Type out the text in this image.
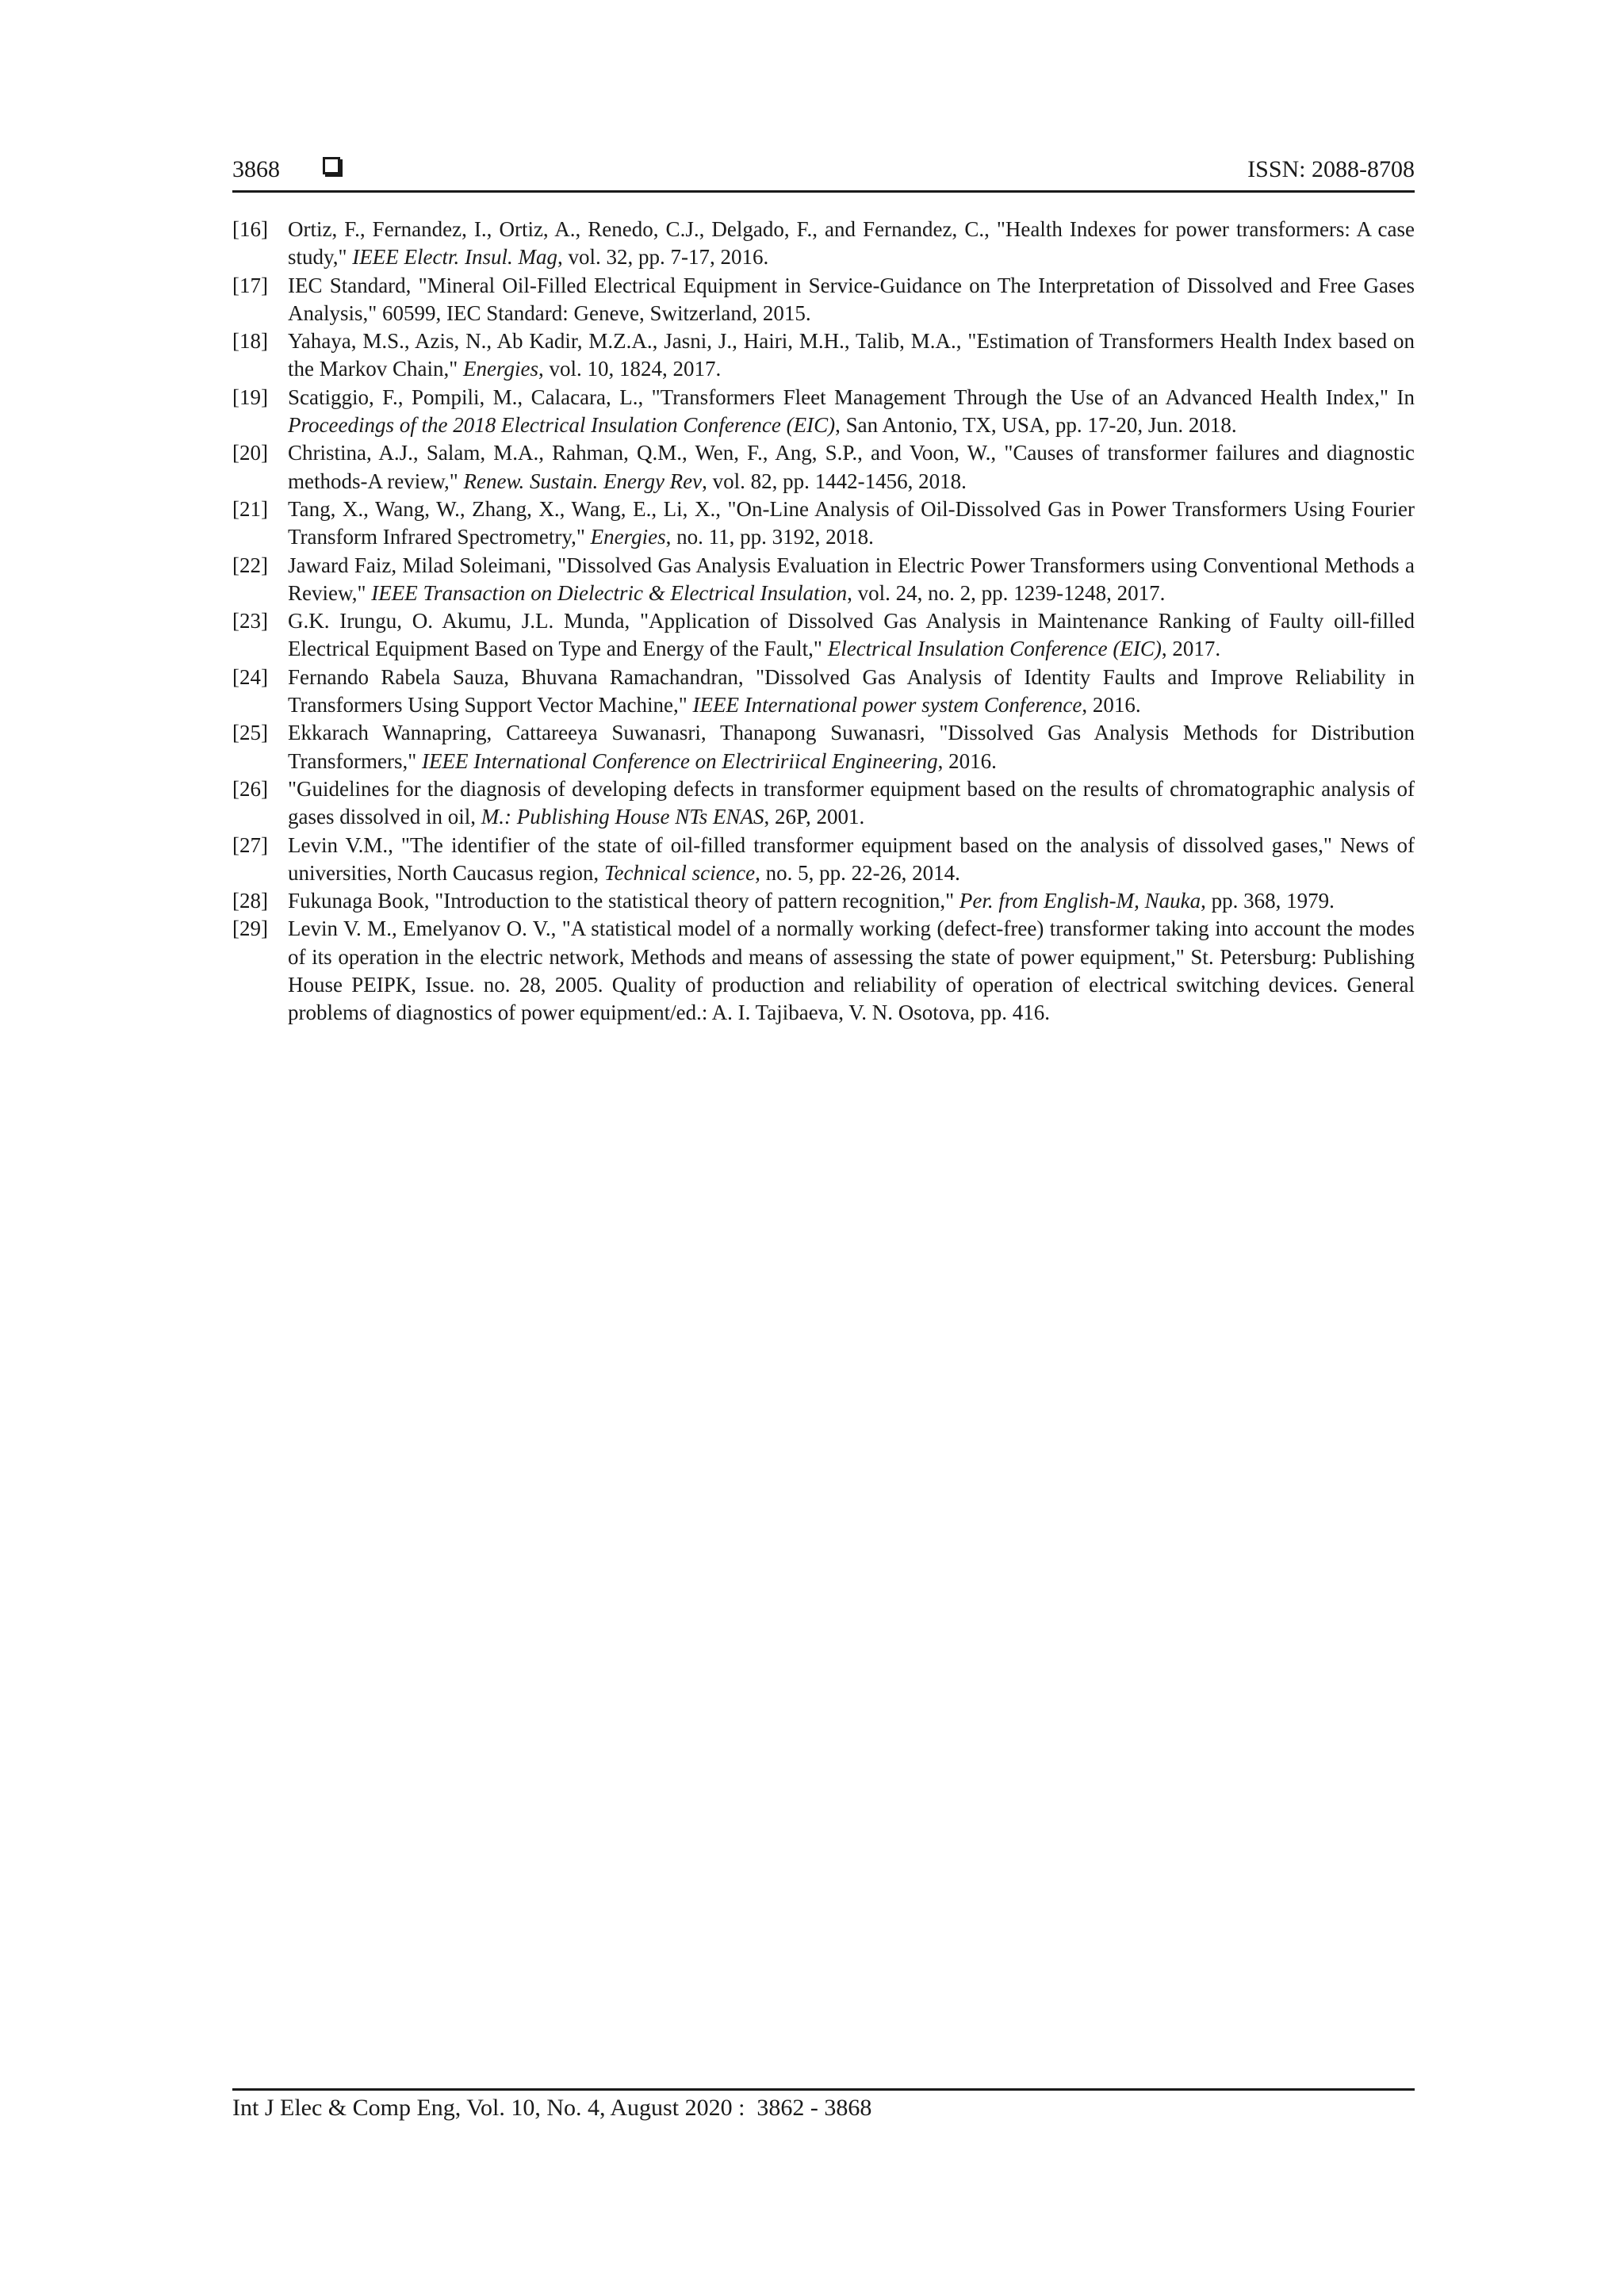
3868	ISSN: 2088-8708
[16] Ortiz, F., Fernandez, I., Ortiz, A., Renedo, C.J., Delgado, F., and Fernandez, C., "Health Indexes for power transformers: A case study," IEEE Electr. Insul. Mag, vol. 32, pp. 7-17, 2016.
[17] IEC Standard, "Mineral Oil-Filled Electrical Equipment in Service-Guidance on The Interpretation of Dissolved and Free Gases Analysis," 60599, IEC Standard: Geneve, Switzerland, 2015.
[18] Yahaya, M.S., Azis, N., Ab Kadir, M.Z.A., Jasni, J., Hairi, M.H., Talib, M.A., "Estimation of Transformers Health Index based on the Markov Chain," Energies, vol. 10, 1824, 2017.
[19] Scatiggio, F., Pompili, M., Calacara, L., "Transformers Fleet Management Through the Use of an Advanced Health Index," In Proceedings of the 2018 Electrical Insulation Conference (EIC), San Antonio, TX, USA, pp. 17-20, Jun. 2018.
[20] Christina, A.J., Salam, M.A., Rahman, Q.M., Wen, F., Ang, S.P., and Voon, W., "Causes of transformer failures and diagnostic methods-A review," Renew. Sustain. Energy Rev, vol. 82, pp. 1442-1456, 2018.
[21] Tang, X., Wang, W., Zhang, X., Wang, E., Li, X., "On-Line Analysis of Oil-Dissolved Gas in Power Transformers Using Fourier Transform Infrared Spectrometry," Energies, no. 11, pp. 3192, 2018.
[22] Jaward Faiz, Milad Soleimani, "Dissolved Gas Analysis Evaluation in Electric Power Transformers using Conventional Methods a Review," IEEE Transaction on Dielectric & Electrical Insulation, vol. 24, no. 2, pp. 1239-1248, 2017.
[23] G.K. Irungu, O. Akumu, J.L. Munda, "Application of Dissolved Gas Analysis in Maintenance Ranking of Faulty oill-filled Electrical Equipment Based on Type and Energy of the Fault," Electrical Insulation Conference (EIC), 2017.
[24] Fernando Rabela Sauza, Bhuvana Ramachandran, "Dissolved Gas Analysis of Identity Faults and Improve Reliability in Transformers Using Support Vector Machine," IEEE International power system Conference, 2016.
[25] Ekkarach Wannapring, Cattareeya Suwanasri, Thanapong Suwanasri, "Dissolved Gas Analysis Methods for Distribution Transformers," IEEE International Conference on Electririical Engineering, 2016.
[26] "Guidelines for the diagnosis of developing defects in transformer equipment based on the results of chromatographic analysis of gases dissolved in oil, M.: Publishing House NTs ENAS, 26P, 2001.
[27] Levin V.M., "The identifier of the state of oil-filled transformer equipment based on the analysis of dissolved gases," News of universities, North Caucasus region, Technical science, no. 5, pp. 22-26, 2014.
[28] Fukunaga Book, "Introduction to the statistical theory of pattern recognition," Per. from English-M, Nauka, pp. 368, 1979.
[29] Levin V. M., Emelyanov O. V., "A statistical model of a normally working (defect-free) transformer taking into account the modes of its operation in the electric network, Methods and means of assessing the state of power equipment," St. Petersburg: Publishing House PEIPK, Issue. no. 28, 2005. Quality of production and reliability of operation of electrical switching devices. General problems of diagnostics of power equipment/ed.: A. I. Tajibaeva, V. N. Osotova, pp. 416.
Int J Elec & Comp Eng, Vol. 10, No. 4, August 2020 :  3862 - 3868
